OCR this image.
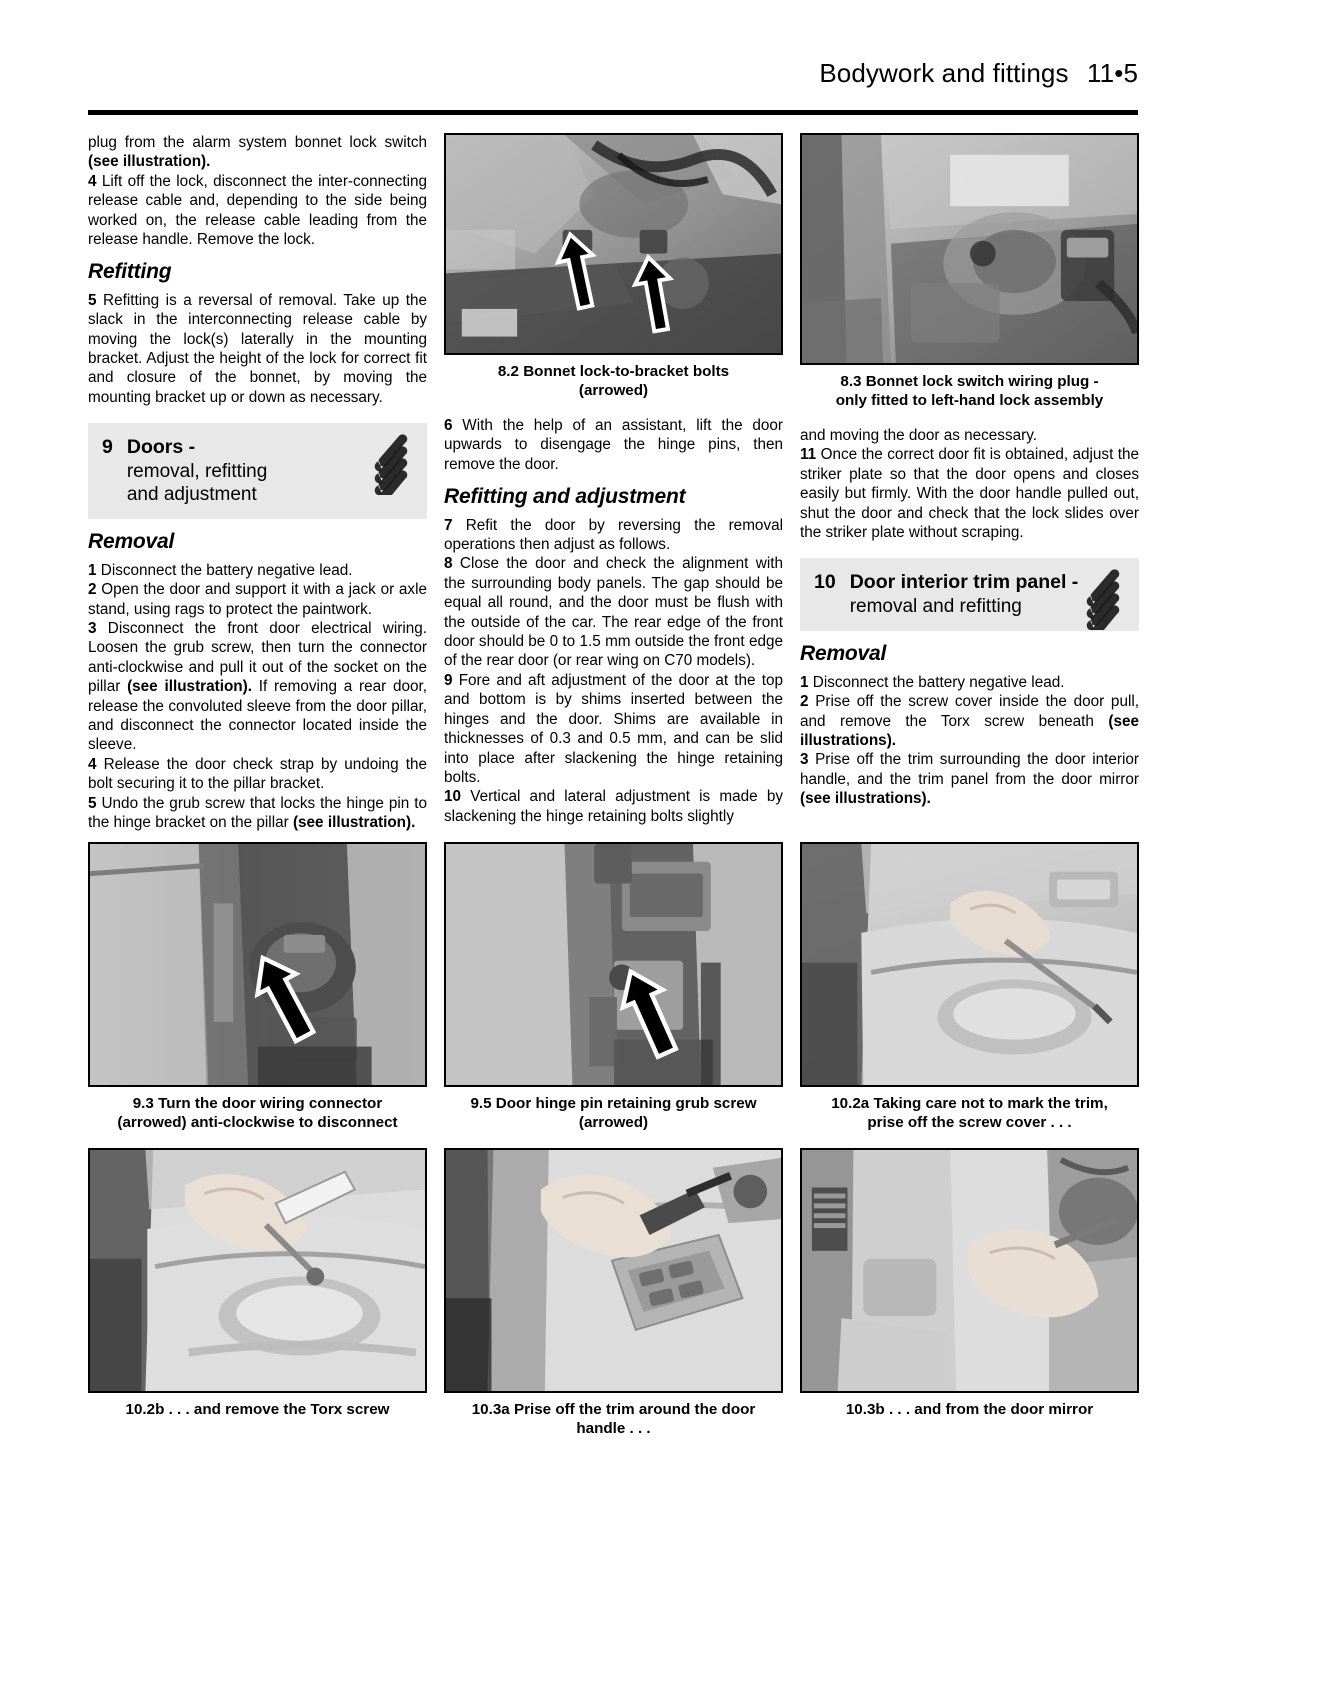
Bodywork and fittings 11•5

plug from the alarm system bonnet lock switch (see illustration).

4 Lift off the lock, disconnect the inter-connecting release cable and, depending to the side being worked on, the release cable leading from the release handle. Remove the lock.

Refitting

5 Refitting is a reversal of removal. Take up the slack in the interconnecting release cable by moving the lock(s) laterally in the mounting bracket. Adjust the height of the lock for correct fit and closure of the bonnet, by moving the mounting bracket up or down as necessary.

9 Doors -
removal, refitting
and adjustment
Removal

1 Disconnect the battery negative lead.

2 Open the door and support it with a jack or axle stand, using rags to protect the paintwork.

3 Disconnect the front door electrical wiring. Loosen the grub screw, then turn the connector anti-clockwise and pull it out of the socket on the pillar (see illustration). If removing a rear door, release the convoluted sleeve from the door pillar, and disconnect the connector located inside the sleeve.

4 Release the door check strap by undoing the bolt securing it to the pillar bracket.

5 Undo the grub screw that locks the hinge pin to the hinge bracket on the pillar (see illustration).

8.2 Bonnet lock-to-bracket bolts
(arrowed)

6 With the help of an assistant, lift the door upwards to disengage the hinge pins, then remove the door.

Refitting and adjustment

7 Refit the door by reversing the removal operations then adjust as follows.

8 Close the door and check the alignment with the surrounding body panels. The gap should be equal all round, and the door must be flush with the outside of the car. The rear edge of the front door should be 0 to 1.5 mm outside the front edge of the rear door (or rear wing on C70 models).

9 Fore and aft adjustment of the door at the top and bottom is by shims inserted between the hinges and the door. Shims are available in thicknesses of 0.3 and 0.5 mm, and can be slid into place after slackening the hinge retaining bolts.

10 Vertical and lateral adjustment is made by slackening the hinge retaining bolts slightly

8.3 Bonnet lock switch wiring plug -
only fitted to left-hand lock assembly

and moving the door as necessary.

11 Once the correct door fit is obtained, adjust the striker plate so that the door opens and closes easily but firmly. With the door handle pulled out, shut the door and check that the lock slides over the striker plate without scraping.

10 Door interior trim panel -
removal and refitting
Removal

1 Disconnect the battery negative lead.

2 Prise off the screw cover inside the door pull, and remove the Torx screw beneath (see illustrations).

3 Prise off the trim surrounding the door interior handle, and the trim panel from the door mirror (see illustrations).

9.3 Turn the door wiring connector
(arrowed) anti-clockwise to disconnect
9.5 Door hinge pin retaining grub screw
(arrowed)
10.2a Taking care not to mark the trim,
prise off the screw cover . . .
10.2b . . . and remove the Torx screw	10.3a Prise off the trim around the door
handle . . .
10.3b . . . and from the door mirror
